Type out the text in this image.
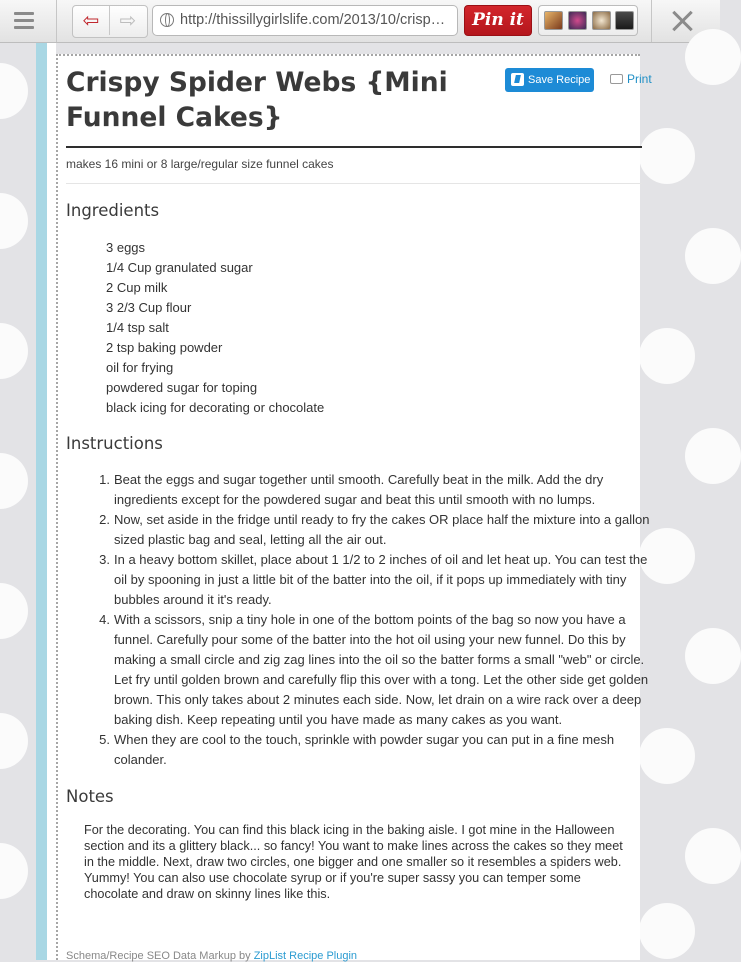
⇦	⇨	http://thissillygirlslife.com/2013/10/crisp…	Pin it
Crispy Spider Webs {Mini Funnel Cakes}
Save Recipe	Print
makes 16 mini or 8 large/regular size funnel cakes
Ingredients
3 eggs
1/4 Cup granulated sugar
2 Cup milk
3 2/3 Cup flour
1/4 tsp salt
2 tsp baking powder
oil for frying
powdered sugar for toping
black icing for decorating or chocolate
Instructions
1. Beat the eggs and sugar together until smooth. Carefully beat in the milk. Add the dry ingredients except for the powdered sugar and beat this until smooth with no lumps.
2. Now, set aside in the fridge until ready to fry the cakes OR place half the mixture into a gallon sized plastic bag and seal, letting all the air out.
3. In a heavy bottom skillet, place about 1 1/2 to 2 inches of oil and let heat up. You can test the oil by spooning in just a little bit of the batter into the oil, if it pops up immediately with tiny bubbles around it it's ready.
4. With a scissors, snip a tiny hole in one of the bottom points of the bag so now you have a funnel. Carefully pour some of the batter into the hot oil using your new funnel. Do this by making a small circle and zig zag lines into the oil so the batter forms a small "web" or circle. Let fry until golden brown and carefully flip this over with a tong. Let the other side get golden brown. This only takes about 2 minutes each side. Now, let drain on a wire rack over a deep baking dish. Keep repeating until you have made as many cakes as you want.
5. When they are cool to the touch, sprinkle with powder sugar you can put in a fine mesh colander.
Notes

For the decorating. You can find this black icing in the baking aisle. I got mine in the Halloween section and its a glittery black... so fancy! You want to make lines across the cakes so they meet in the middle. Next, draw two circles, one bigger and one smaller so it resembles a spiders web. Yummy! You can also use chocolate syrup or if you're super sassy you can temper some chocolate and draw on skinny lines like this.

Schema/Recipe SEO Data Markup by ZipList Recipe Plugin
